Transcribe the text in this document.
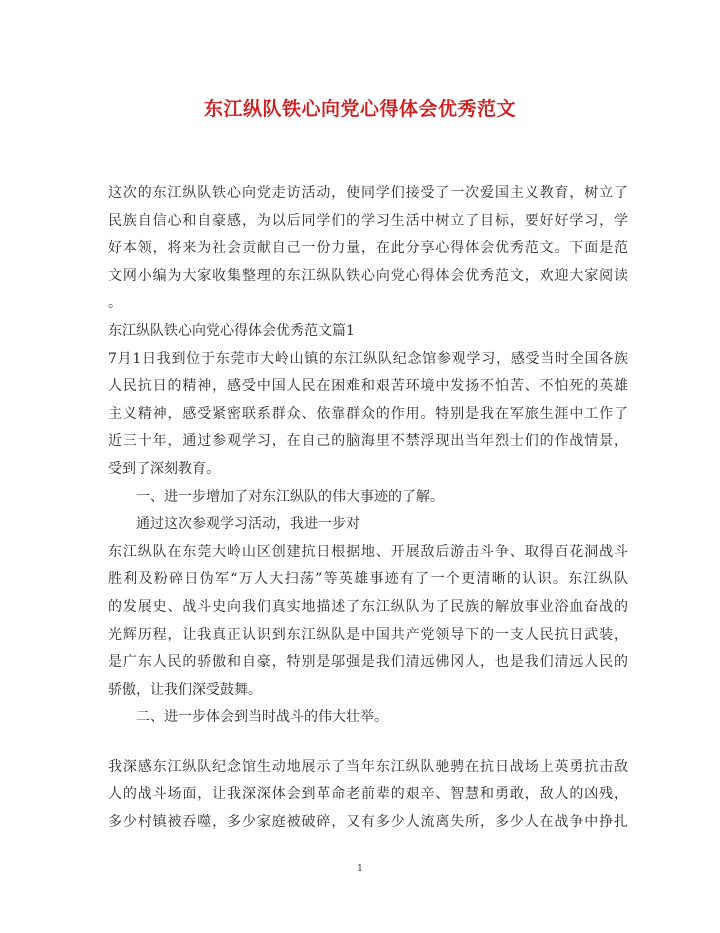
东江纵队铁心向党心得体会优秀范文
这次的东江纵队铁心向党走访活动，使同学们接受了一次爱国主义教育，树立了
民族自信心和自豪感，为以后同学们的学习生活中树立了目标，要好好学习，学
好本领，将来为社会贡献自己一份力量，在此分享心得体会优秀范文。下面是范
文网小编为大家收集整理的东江纵队铁心向党心得体会优秀范文，欢迎大家阅读
。
东江纵队铁心向党心得体会优秀范文篇1
7月1日我到位于东莞市大岭山镇的东江纵队纪念馆参观学习，感受当时全国各族
人民抗日的精神，感受中国人民在困难和艰苦环境中发扬不怕苦、不怕死的英雄
主义精神，感受紧密联系群众、依靠群众的作用。特别是我在军旅生涯中工作了
近三十年，通过参观学习，在自己的脑海里不禁浮现出当年烈士们的作战情景，
受到了深刻教育。
一、进一步增加了对东江纵队的伟大事迹的了解。
通过这次参观学习活动，我进一步对
东江纵队在东莞大岭山区创建抗日根据地、开展敌后游击斗争、取得百花洞战斗
胜利及粉碎日伪军“万人大扫荡”等英雄事迹有了一个更清晰的认识。东江纵队
的发展史、战斗史向我们真实地描述了东江纵队为了民族的解放事业浴血奋战的
光辉历程，让我真正认识到东江纵队是中国共产党领导下的一支人民抗日武装，
是广东人民的骄傲和自豪，特别是邬强是我们清远佛冈人，也是我们清远人民的
骄傲，让我们深受鼓舞。
二、进一步体会到当时战斗的伟大壮举。
我深感东江纵队纪念馆生动地展示了当年东江纵队驰骋在抗日战场上英勇抗击敌
人的战斗场面，让我深深体会到革命老前辈的艰辛、智慧和勇敢，敌人的凶残，
多少村镇被吞噬，多少家庭被破碎，又有多少人流离失所，多少人在战争中挣扎
1
